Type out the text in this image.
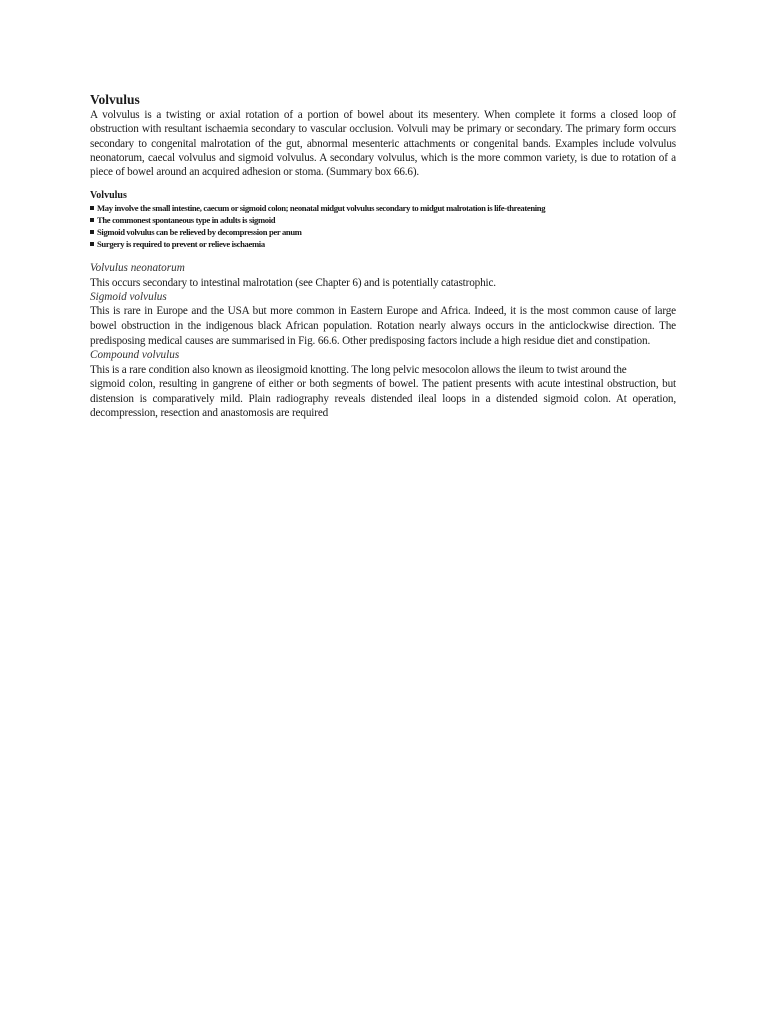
Volvulus

A volvulus is a twisting or axial rotation of a portion of bowel about its mesentery. When complete it forms a closed loop of obstruction with resultant ischaemia secondary to vascular occlusion. Volvuli may be primary or secondary. The primary form occurs secondary to congenital malrotation of the gut, abnormal mesenteric attachments or congenital bands. Examples include volvulus neonatorum, caecal volvulus and sigmoid volvulus. A secondary volvulus, which is the more common variety, is due to rotation of a piece of bowel around an acquired adhesion or stoma. (Summary box 66.6).

Volvulus
May involve the small intestine, caecum or sigmoid colon; neonatal midgut volvulus secondary to midgut malrotation is life-threatening
The commonest spontaneous type in adults is sigmoid
Sigmoid volvulus can be relieved by decompression per anum
Surgery is required to prevent or relieve ischaemia
Volvulus neonatorum

This occurs secondary to intestinal malrotation (see Chapter 6) and is potentially catastrophic.

Sigmoid volvulus

This is rare in Europe and the USA but more common in Eastern Europe and Africa. Indeed, it is the most common cause of large bowel obstruction in the indigenous black African population. Rotation nearly always occurs in the anticlockwise direction. The predisposing medical causes are summarised in Fig. 66.6. Other predisposing factors include a high residue diet and constipation.

Compound volvulus

This is a rare condition also known as ileosigmoid knotting. The long pelvic mesocolon allows the ileum to twist around the
sigmoid colon, resulting in gangrene of either or both segments of bowel. The patient presents with acute intestinal obstruction, but distension is comparatively mild. Plain radiography reveals distended ileal loops in a distended sigmoid colon. At operation, decompression, resection and anastomosis are required
